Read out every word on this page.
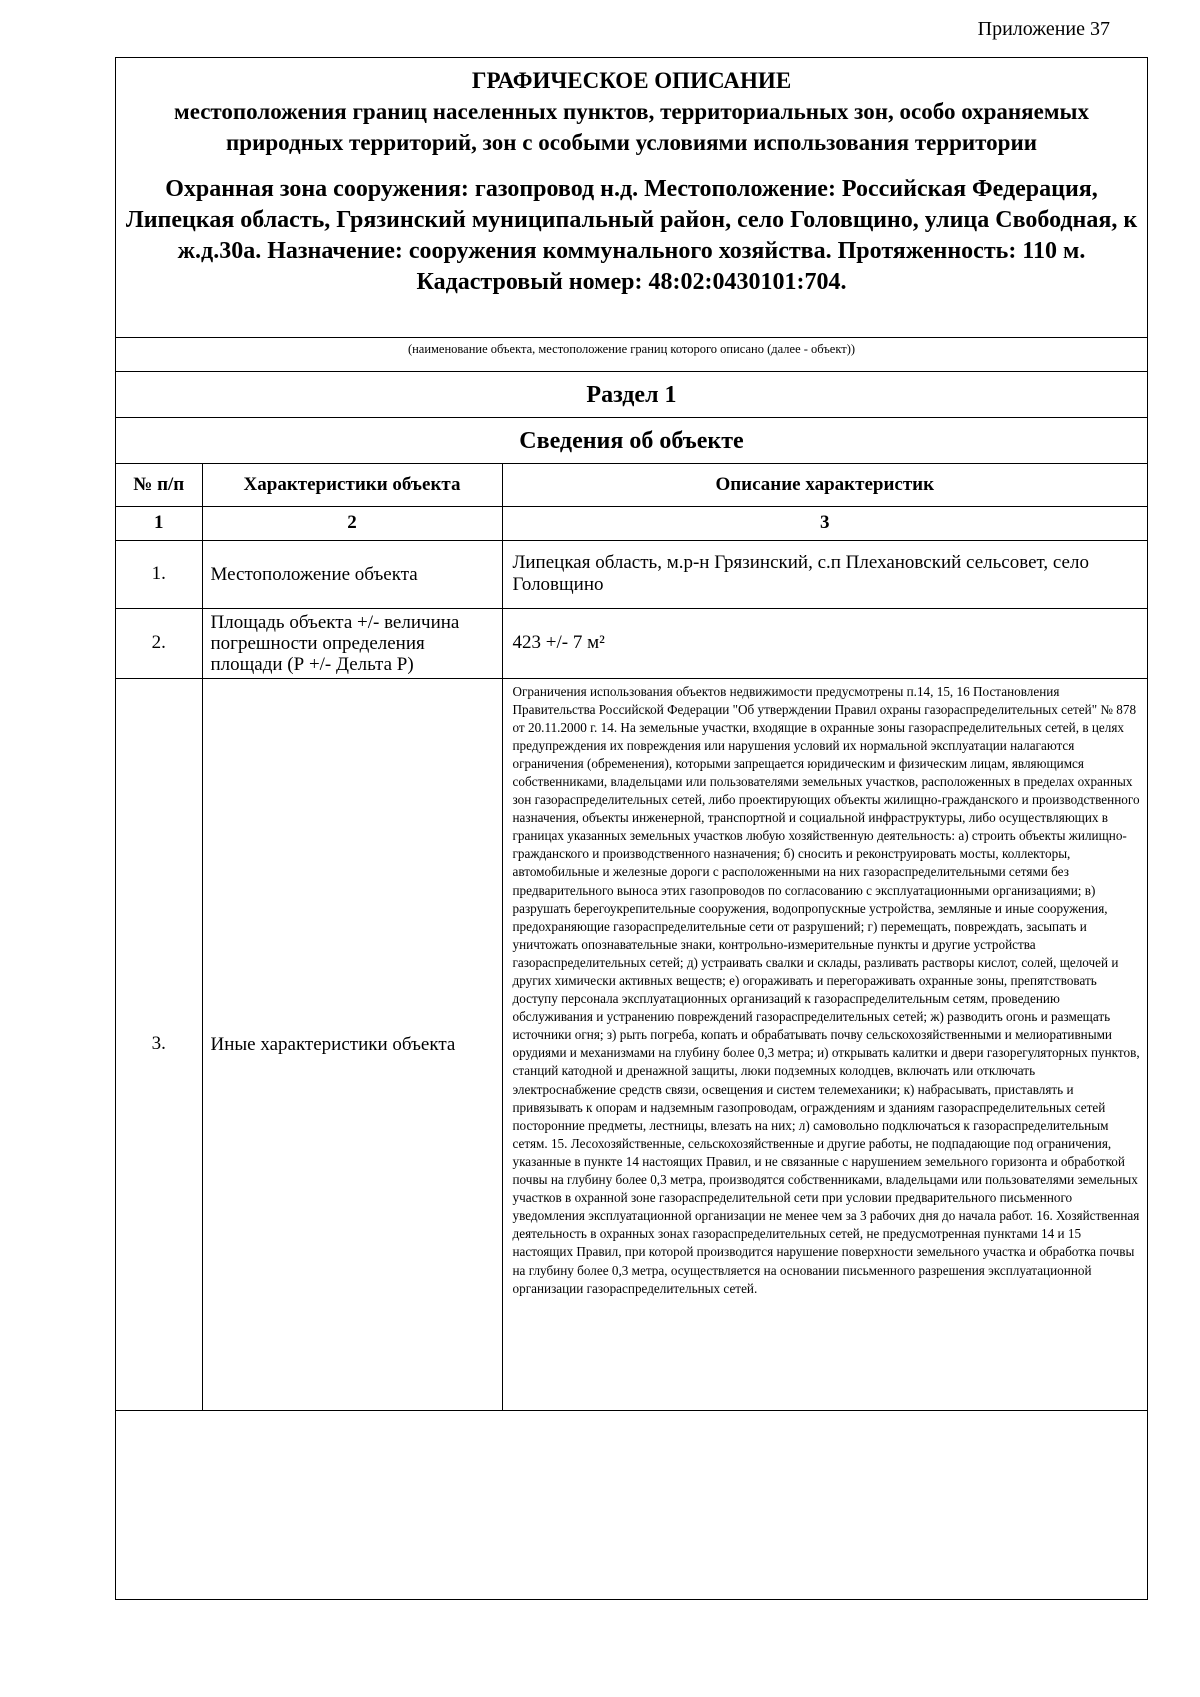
Приложение 37
ГРАФИЧЕСКОЕ ОПИСАНИЕ
местоположения границ населенных пунктов, территориальных зон, особо охраняемых природных территорий, зон с особыми условиями использования территории
Охранная зона сооружения: газопровод н.д. Местоположение: Российская Федерация, Липецкая область, Грязинский муниципальный район, село Головщино, улица Свободная, к ж.д.30а. Назначение: сооружения коммунального хозяйства. Протяженность: 110 м. Кадастровый номер: 48:02:0430101:704.
(наименование объекта, местоположение границ которого описано (далее - объект))
Раздел 1
Сведения об объекте
№ п/п	Характеристики объекта	Описание характеристик
1	2	3
1.	Местоположение объекта	Липецкая область, м.р-н Грязинский, с.п Плехановский сельсовет, село Головщино
2.	Площадь объекта +/- величина погрешности определения площади (Р +/- Дельта Р)	423 +/- 7 м²
3.	Иные характеристики объекта	Ограничения использования объектов недвижимости предусмотрены п.14, 15, 16 Постановления Правительства Российской Федерации "Об утверждении Правил охраны газораспределительных сетей" № 878 от 20.11.2000 г. 14. На земельные участки, входящие в охранные зоны газораспределительных сетей, в целях предупреждения их повреждения или нарушения условий их нормальной эксплуатации налагаются ограничения (обременения), которыми запрещается юридическим и физическим лицам, являющимся собственниками, владельцами или пользователями земельных участков, расположенных в пределах охранных зон газораспределительных сетей, либо проектирующих объекты жилищно-гражданского и производственного назначения, объекты инженерной, транспортной и социальной инфраструктуры, либо осуществляющих в границах указанных земельных участков любую хозяйственную деятельность: а) строить объекты жилищно-гражданского и производственного назначения; б) сносить и реконструировать мосты, коллекторы, автомобильные и железные дороги с расположенными на них газораспределительными сетями без предварительного выноса этих газопроводов по согласованию с эксплуатационными организациями; в) разрушать берегоукрепительные сооружения, водопропускные устройства, земляные и иные сооружения, предохраняющие газораспределительные сети от разрушений; г) перемещать, повреждать, засыпать и уничтожать опознавательные знаки, контрольно-измерительные пункты и другие устройства газораспределительных сетей; д) устраивать свалки и склады, разливать растворы кислот, солей, щелочей и других химически активных веществ; е) огораживать и перегораживать охранные зоны, препятствовать доступу персонала эксплуатационных организаций к газораспределительным сетям, проведению обслуживания и устранению повреждений газораспределительных сетей; ж) разводить огонь и размещать источники огня; з) рыть погреба, копать и обрабатывать почву сельскохозяйственными и мелиоративными орудиями и механизмами на глубину более 0,3 метра; и) открывать калитки и двери газорегуляторных пунктов, станций катодной и дренажной защиты, люки подземных колодцев, включать или отключать электроснабжение средств связи, освещения и систем телемеханики; к) набрасывать, приставлять и привязывать к опорам и надземным газопроводам, ограждениям и зданиям газораспределительных сетей посторонние предметы, лестницы, влезать на них; л) самовольно подключаться к газораспределительным сетям. 15. Лесохозяйственные, сельскохозяйственные и другие работы, не подпадающие под ограничения, указанные в пункте 14 настоящих Правил, и не связанные с нарушением земельного горизонта и обработкой почвы на глубину более 0,3 метра, производятся собственниками, владельцами или пользователями земельных участков в охранной зоне газораспределительной сети при условии предварительного письменного уведомления эксплуатационной организации не менее чем за 3 рабочих дня до начала работ. 16. Хозяйственная деятельность в охранных зонах газораспределительных сетей, не предусмотренная пунктами 14 и 15 настоящих Правил, при которой производится нарушение поверхности земельного участка и обработка почвы на глубину более 0,3 метра, осуществляется на основании письменного разрешения эксплуатационной организации газораспределительных сетей.
